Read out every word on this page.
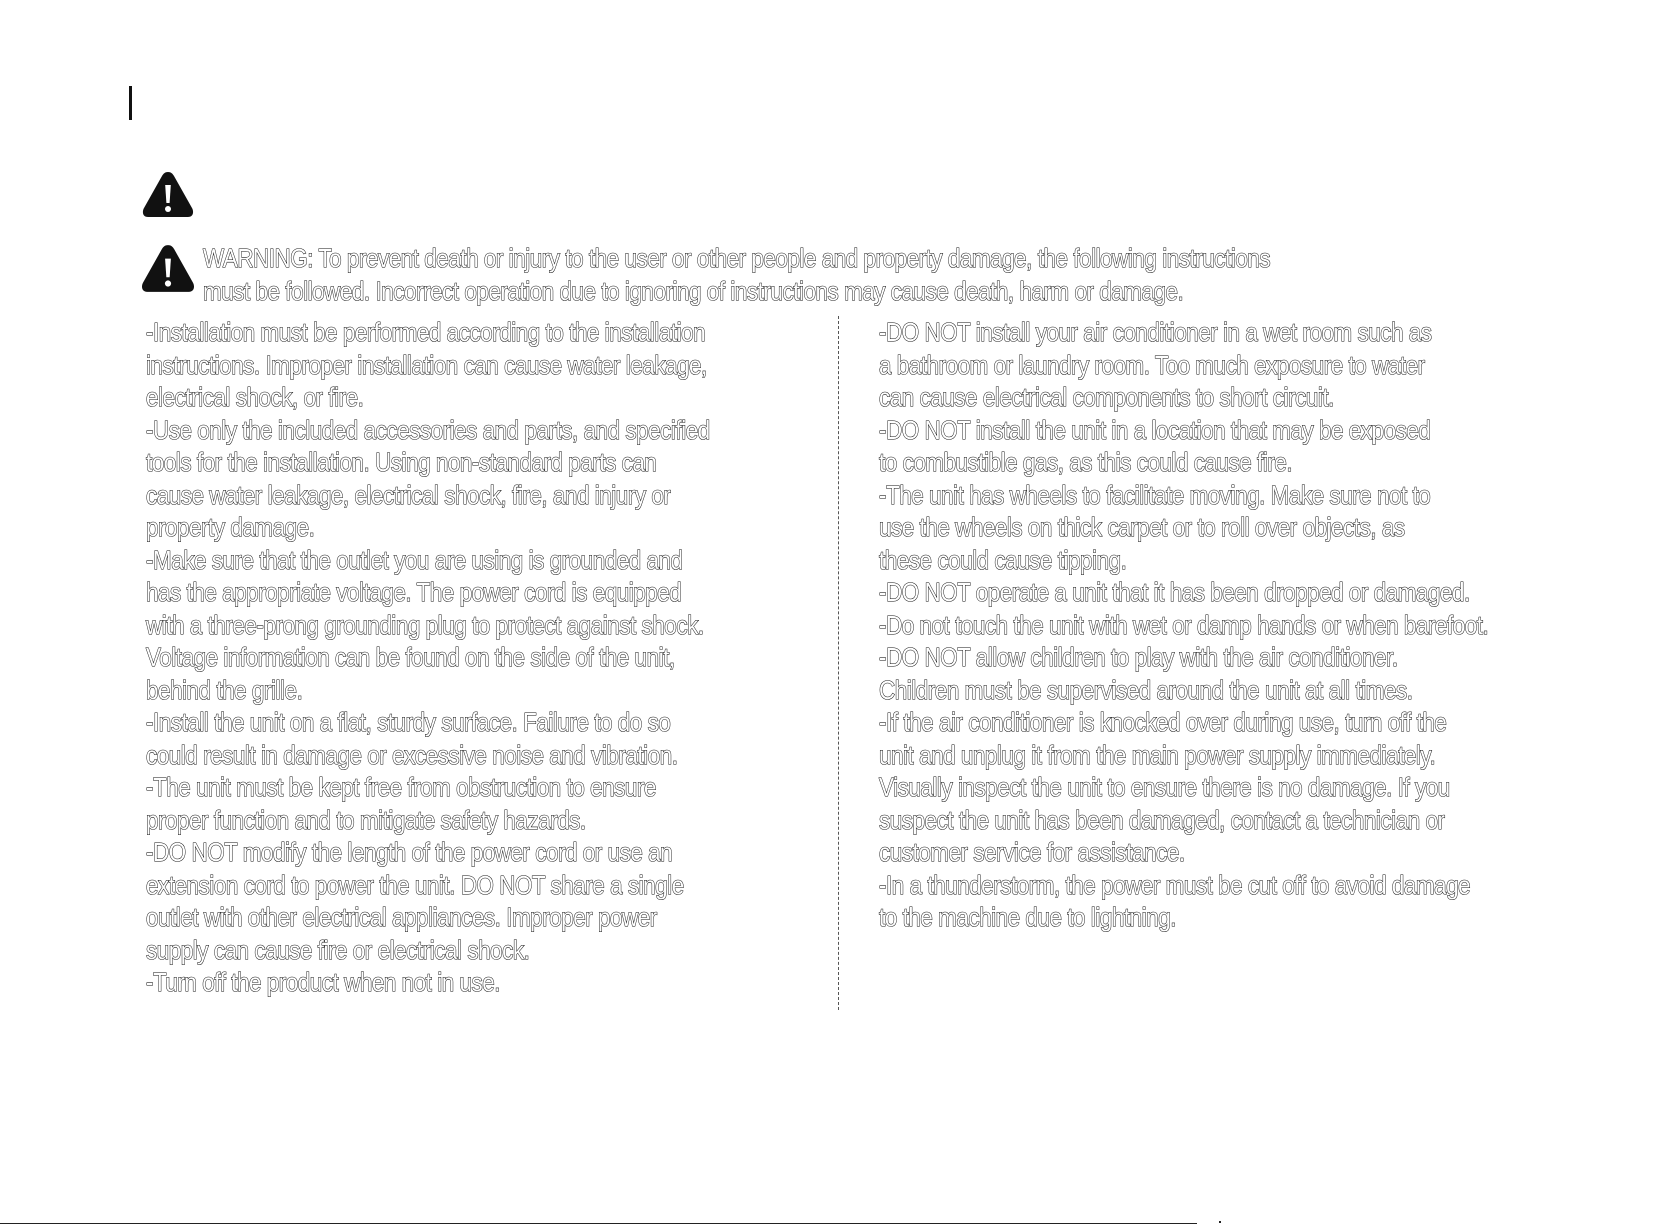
WARNING: To prevent death or injury to the user or other people and property damage, the following instructions
must be followed. Incorrect operation due to ignoring of instructions may cause death, harm or damage.
-Installation must be performed according to the installation
instructions. Improper installation can cause water leakage,
electrical shock, or fire.
-Use only the included accessories and parts, and specified
tools for the installation. Using non-standard parts can
cause water leakage, electrical shock, fire, and injury or
property damage.
-Make sure that the outlet you are using is grounded and
has the appropriate voltage. The power cord is equipped
with a three-prong grounding plug to protect against shock.
Voltage information can be found on the side of the unit,
behind the grille.
-Install the unit on a flat, sturdy surface. Failure to do so
could result in damage or excessive noise and vibration.
-The unit must be kept free from obstruction to ensure
proper function and to mitigate safety hazards.
-DO NOT modify the length of the power cord or use an
extension cord to power the unit. DO NOT share a single
outlet with other electrical appliances. Improper power
supply can cause fire or electrical shock.
-Turn off the product when not in use.
-DO NOT install your air conditioner in a wet room such as
a bathroom or laundry room. Too much exposure to water
can cause electrical components to short circuit.
-DO NOT install the unit in a location that may be exposed
to combustible gas, as this could cause fire.
-The unit has wheels to facilitate moving. Make sure not to
use the wheels on thick carpet or to roll over objects, as
these could cause tipping.
-DO NOT operate a unit that it has been dropped or damaged.
-Do not touch the unit with wet or damp hands or when barefoot.
-DO NOT allow children to play with the air conditioner.
Children must be supervised around the unit at all times.
-If the air conditioner is knocked over during use, turn off the
unit and unplug it from the main power supply immediately.
Visually inspect the unit to ensure there is no damage. If you
suspect the unit has been damaged, contact a technician or
customer service for assistance.
-In a thunderstorm, the power must be cut off to avoid damage
to the machine due to lightning.
